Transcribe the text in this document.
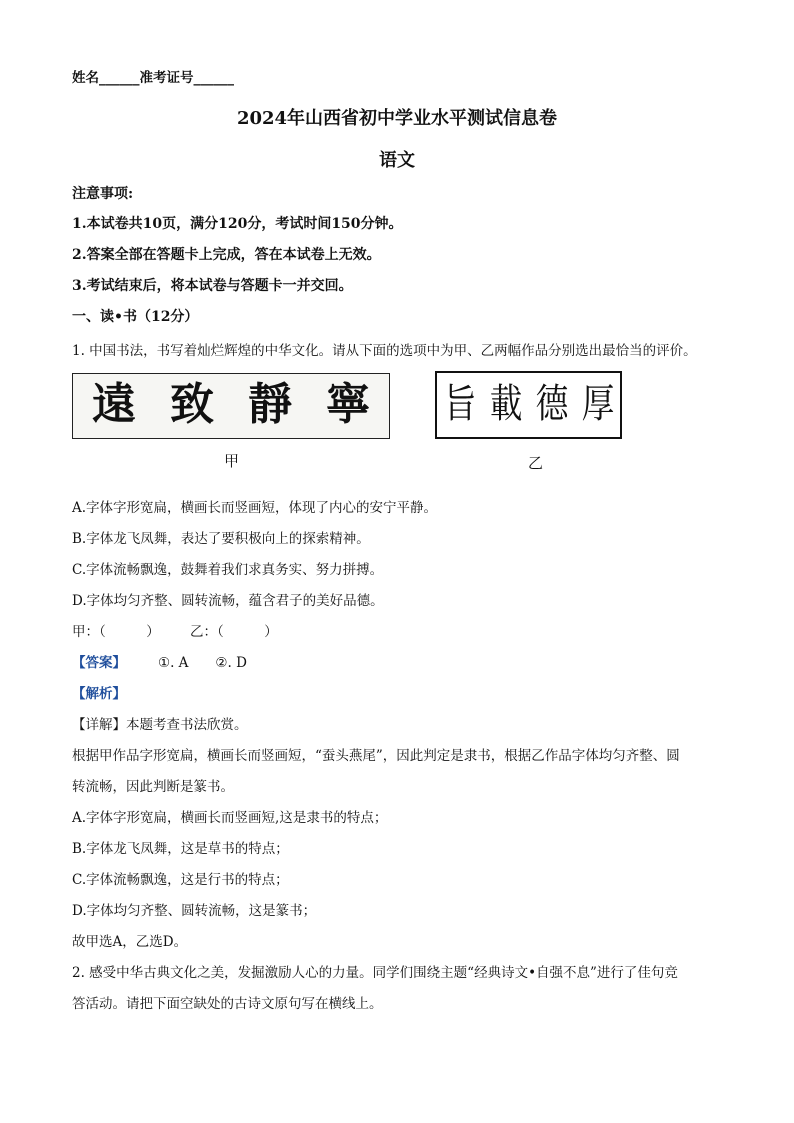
姓名______准考证号______
2024年山西省初中学业水平测试信息卷
语文
注意事项:
1.本试卷共10页，满分120分，考试时间150分钟。
2.答案全部在答题卡上完成，答在本试卷上无效。
3.考试结束后，将本试卷与答题卡一并交回。
一、读•书（12分）
1. 中国书法，书写着灿烂辉煌的中华文化。请从下面的选项中为甲、乙两幅作品分别选出最恰当的评价。
遠 致 靜 寧
甲
旨 載 德 厚
乙
A.字体字形宽扁，横画长而竖画短，体现了内心的安宁平静。
B.字体龙飞凤舞，表达了要积极向上的探索精神。
C.字体流畅飘逸，鼓舞着我们求真务实、努力拼搏。
D.字体均匀齐整、圆转流畅，蕴含君子的美好品德。
甲：（　　　） 乙：（　　　）
【答案】 ①. A　　②. D
【解析】
【详解】本题考查书法欣赏。
根据甲作品字形宽扁，横画长而竖画短，“蚕头燕尾”，因此判定是隶书，根据乙作品字体均匀齐整、圆
转流畅，因此判断是篆书。
A.字体字形宽扁，横画长而竖画短,这是隶书的特点；
B.字体龙飞凤舞，这是草书的特点；
C.字体流畅飘逸，这是行书的特点；
D.字体均匀齐整、圆转流畅，这是篆书；
故甲选A，乙选D。
2. 感受中华古典文化之美，发掘激励人心的力量。同学们围绕主题“经典诗文•自强不息”进行了佳句竞
答活动。请把下面空缺处的古诗文原句写在横线上。
